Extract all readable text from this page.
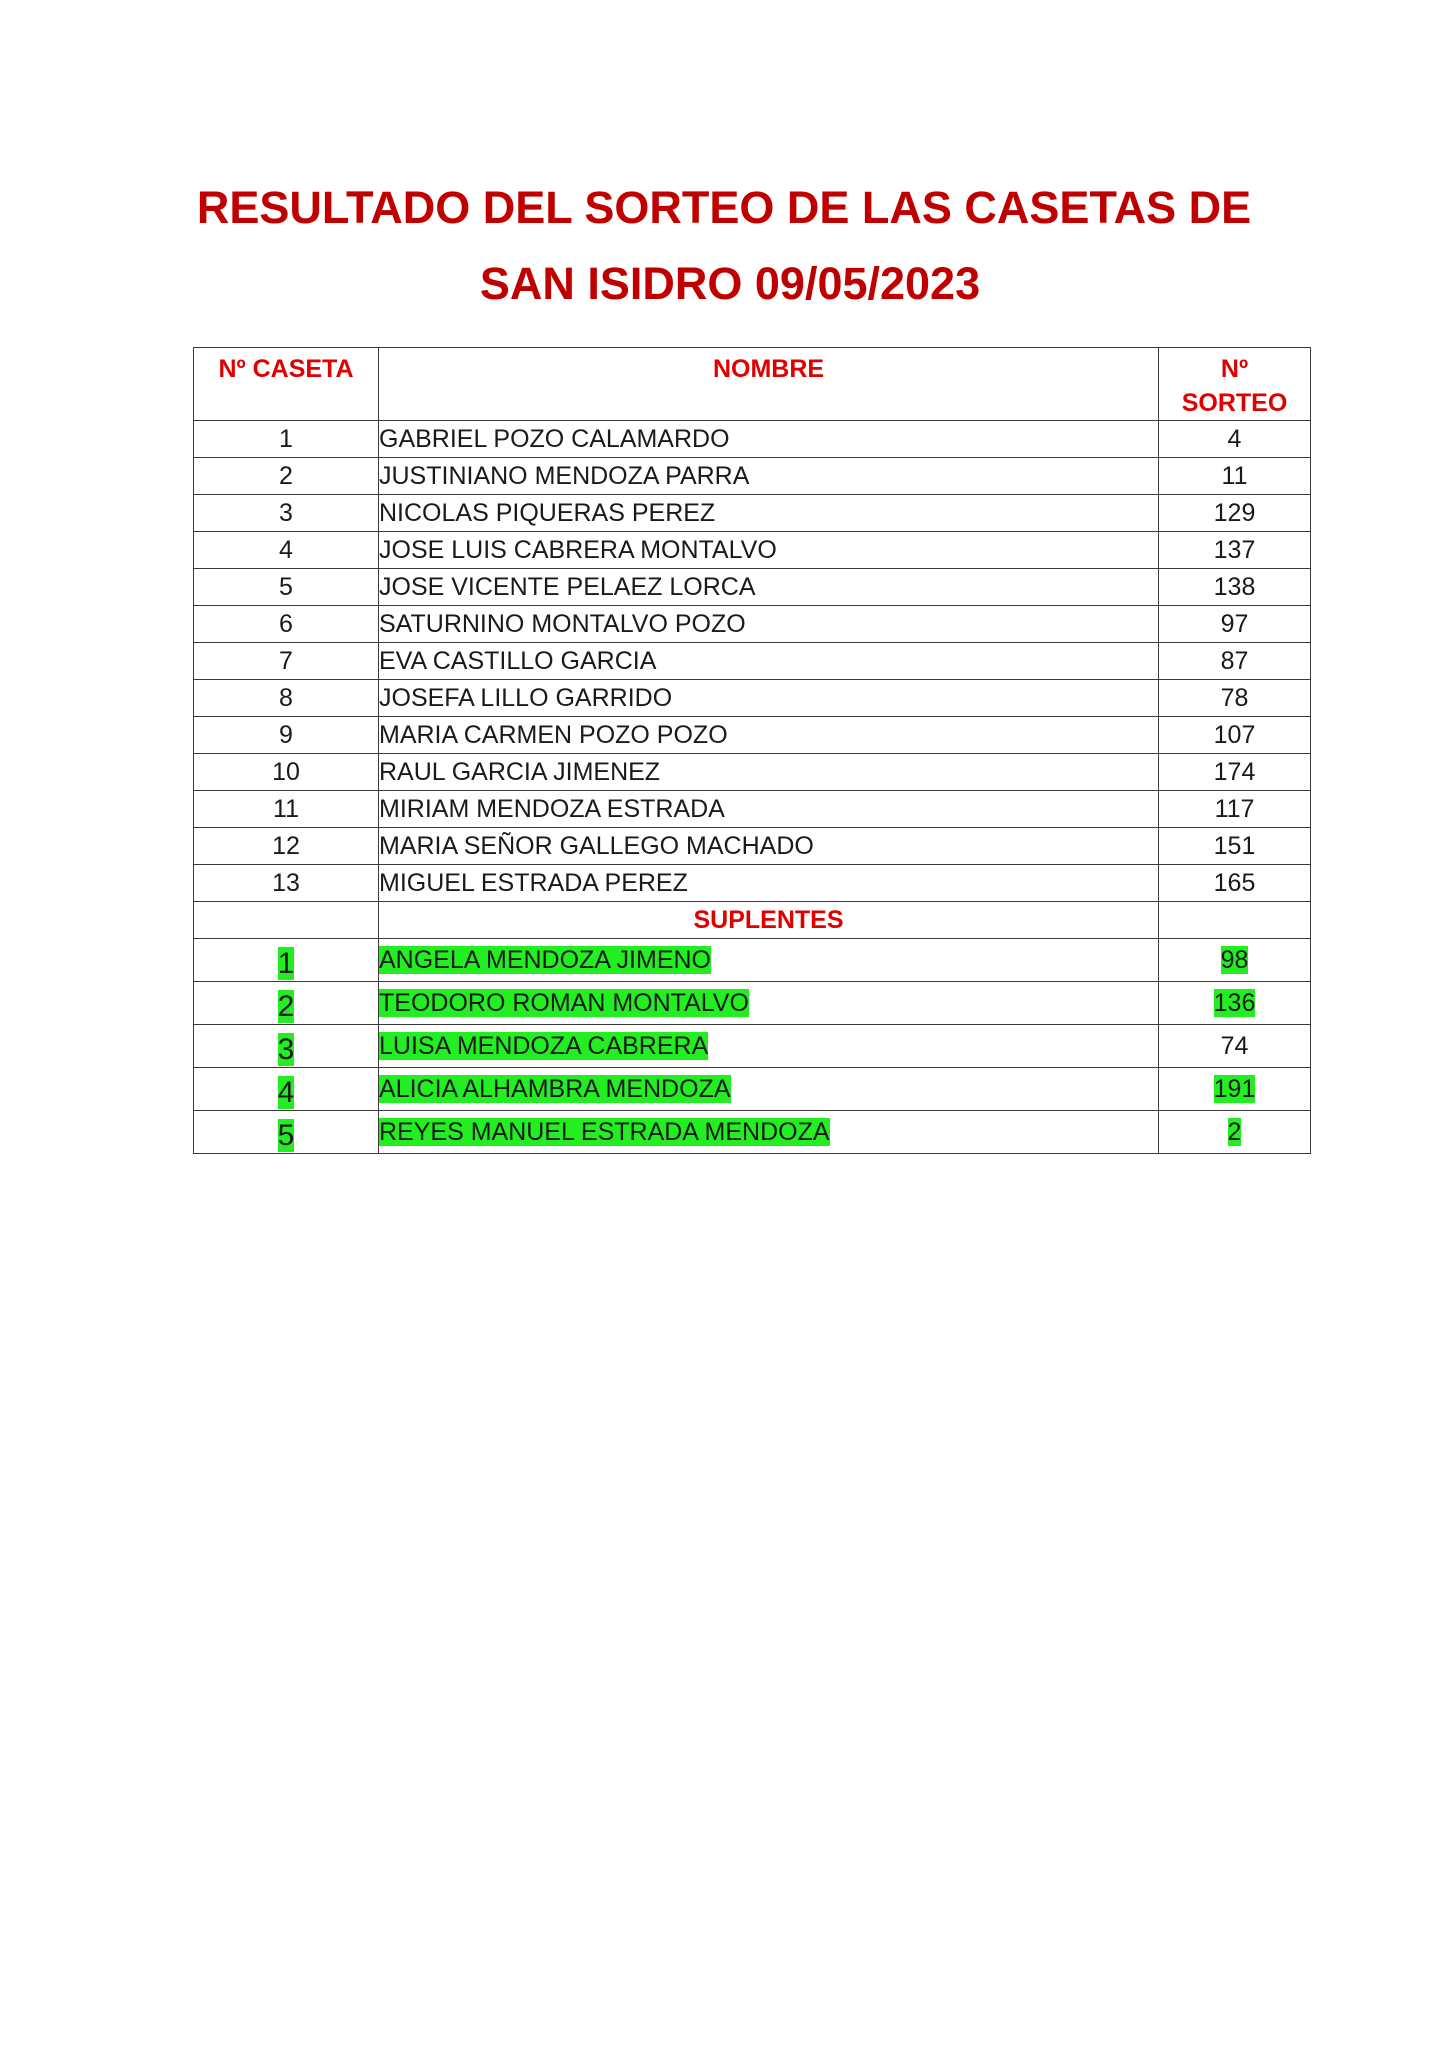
RESULTADO DEL SORTEO DE LAS CASETAS DE
SAN ISIDRO 09/05/2023
Nº CASETA	NOMBRE	Nº
SORTEO
1	GABRIEL POZO CALAMARDO	4
2	JUSTINIANO MENDOZA PARRA	11
3	NICOLAS PIQUERAS PEREZ	129
4	JOSE LUIS CABRERA MONTALVO	137
5	JOSE VICENTE PELAEZ LORCA	138
6	SATURNINO MONTALVO POZO	97
7	EVA CASTILLO GARCIA	87
8	JOSEFA LILLO GARRIDO	78
9	MARIA CARMEN POZO POZO	107
10	RAUL GARCIA JIMENEZ	174
11	MIRIAM MENDOZA ESTRADA	117
12	MARIA SEÑOR GALLEGO MACHADO	151
13	MIGUEL ESTRADA PEREZ	165
	SUPLENTES	
1	ANGELA MENDOZA JIMENO	98
2	TEODORO ROMAN MONTALVO	136
3	LUISA MENDOZA CABRERA	74
4	ALICIA ALHAMBRA MENDOZA	191
5	REYES MANUEL ESTRADA MENDOZA	2
